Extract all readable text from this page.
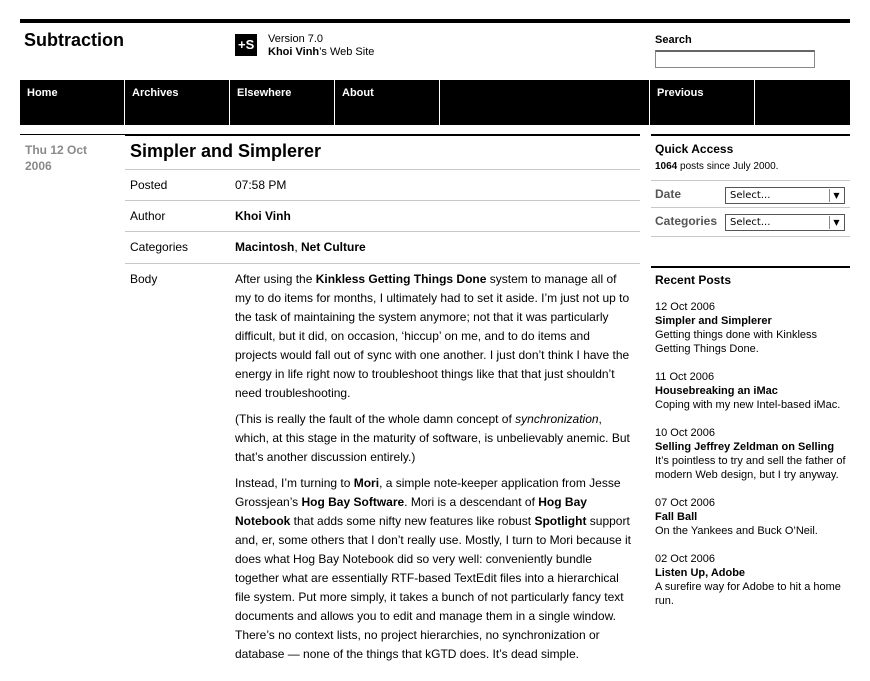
Subtraction	+S Version 7.0
Khoi Vinh’s Web Site
Search
Home	Archives	Elsewhere	About	Previous
Thu 12 Oct
2006
Simpler and Simplerer
Posted	07:58 PM
Author	Khoi Vinh
Categories	Macintosh, Net Culture
Body	After using the Kinkless Getting Things Done system to manage all of my to do items for months, I ultimately had to set it aside. I’m just not up to the task of maintaining the system anymore; not that it was particularly difficult, but it did, on occasion, ‘hiccup’ on me, and to do items and projects would fall out of sync with one another. I just don’t think I have the energy in life right now to troubleshoot things like that that just shouldn’t need troubleshooting.

(This is really the fault of the whole damn concept of synchronization, which, at this stage in the maturity of software, is unbelievably anemic. But that’s another discussion entirely.)

Instead, I’m turning to Mori, a simple note-keeper application from Jesse Grossjean’s Hog Bay Software. Mori is a descendant of Hog Bay Notebook that adds some nifty new features like robust Spotlight support and, er, some others that I don’t really use. Mostly, I turn to Mori because it does what Hog Bay Notebook did so very well: conveniently bundle together what are essentially RTF-based TextEdit files into a hierarchical file system. Put more simply, it takes a bunch of not particularly fancy text documents and allows you to edit and manage them in a single window. There’s no context lists, no project hierarchies, no synchronization or database — none of the things that kGTD does. It’s dead simple.

Quick Access
1064 posts since July 2000.
Date	Select...	▼
Categories	Select...	▼
Recent Posts
12 Oct 2006
Simpler and Simplerer
Getting things done with Kinkless Getting Things Done.
11 Oct 2006
Housebreaking an iMac
Coping with my new Intel-based iMac.
10 Oct 2006
Selling Jeffrey Zeldman on Selling
It’s pointless to try and sell the father of modern Web design, but I try anyway.
07 Oct 2006
Fall Ball
On the Yankees and Buck O’Neil.
02 Oct 2006
Listen Up, Adobe
A surefire way for Adobe to hit a home run.
